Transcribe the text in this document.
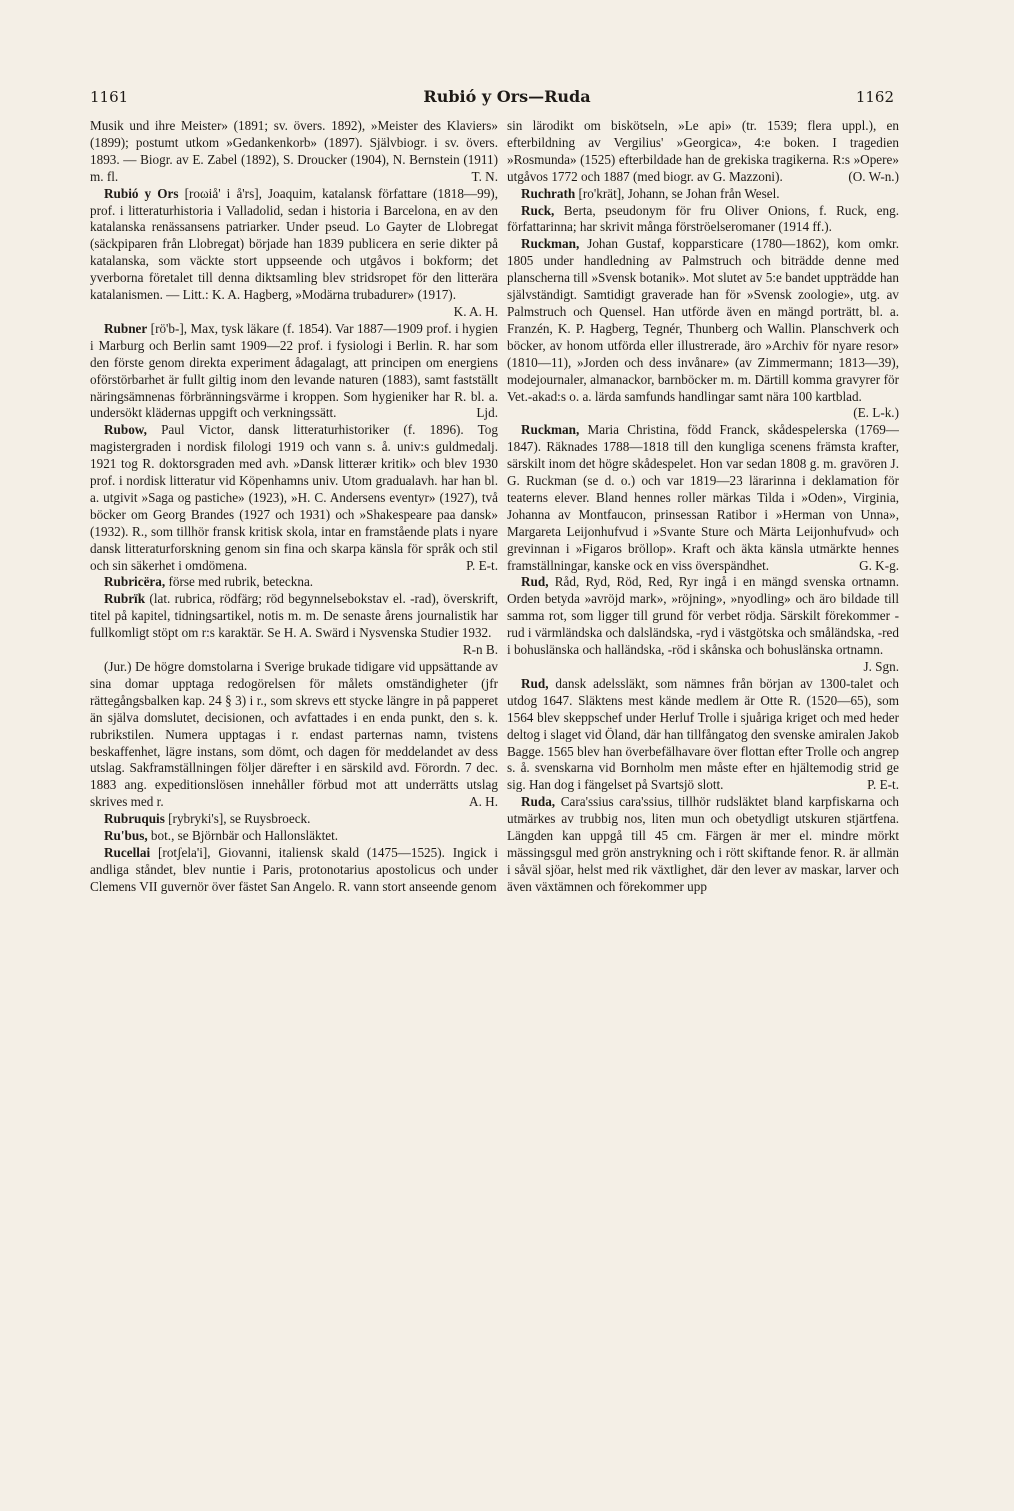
1161	Rubió y Ors—Ruda	1162

Musik und ihre Meister» (1891; sv. övers. 1892), »Meister des Klaviers» (1899); postumt utkom »Gedankenkorb» (1897). Självbiogr. i sv. övers. 1893. — Biogr. av E. Zabel (1892), S. Droucker (1904), N. Bernstein (1911) m. fl.	T. N.

Rubió y Ors [roωiå' i å'rs], Joaquim, katalansk författare (1818—99), prof. i litteraturhistoria i Valladolid, sedan i historia i Barcelona, en av den katalanska renässansens patriarker. Under pseud. Lo Gayter de Llobregat (säckpiparen från Llobregat) började han 1839 publicera en serie dikter på katalanska, som väckte stort uppseende och utgåvos i bokform; det yverborna företalet till denna diktsamling blev stridsropet för den litterära katalanismen. — Litt.: K. A. Hagberg, »Modärna trubadurer» (1917).
K. A. H.

Rubner [rö'b-], Max, tysk läkare (f. 1854). Var 1887—1909 prof. i hygien i Marburg och Berlin samt 1909—22 prof. i fysiologi i Berlin. R. har som den förste genom direkta experiment ådagalagt, att principen om energiens oförstörbarhet är fullt giltig inom den levande naturen (1883), samt fastställt näringsämnenas förbränningsvärme i kroppen. Som hygieniker har R. bl. a. undersökt klädernas uppgift och verkningssätt.	Ljd.

Rubow, Paul Victor, dansk litteraturhistoriker (f. 1896). Tog magistergraden i nordisk filologi 1919 och vann s. å. univ:s guldmedalj. 1921 tog R. doktorsgraden med avh. »Dansk litterær kritik» och blev 1930 prof. i nordisk litteratur vid Köpenhamns univ. Utom gradualavh. har han bl. a. utgivit »Saga og pastiche» (1923), »H. C. Andersens eventyr» (1927), två böcker om Georg Brandes (1927 och 1931) och »Shakespeare paa dansk» (1932). R., som tillhör fransk kritisk skola, intar en framstående plats i nyare dansk litteraturforskning genom sin fina och skarpa känsla för språk och stil och sin säkerhet i omdömena.	P. E-t.

Rubricëra, förse med rubrik, beteckna.

Rubrïk (lat. rubrica, rödfärg; röd begynnelsebokstav el. -rad), överskrift, titel på kapitel, tidningsartikel, notis m. m. De senaste årens journalistik har fullkomligt stöpt om r:s karaktär. Se H. A. Swärd i Nysvenska Studier 1932.
R-n B.

(Jur.) De högre domstolarna i Sverige brukade tidigare vid uppsättande av sina domar upptaga redogörelsen för målets omständigheter (jfr rättegångsbalken kap. 24 § 3) i r., som skrevs ett stycke längre in på papperet än själva domslutet, decisionen, och avfattades i en enda punkt, den s. k. rubrikstilen. Numera upptagas i r. endast parternas namn, tvistens beskaffenhet, lägre instans, som dömt, och dagen för meddelandet av dess utslag. Sakframställningen följer därefter i en särskild avd. Förordn. 7 dec. 1883 ang. expeditionslösen innehåller förbud mot att underrätts utslag skrives med r.	A. H.

Rubruquis [rybryki's], se Ruysbroeck.

Ru'bus, bot., se Björnbär och Hallonsläktet.

Rucellai [rotʃela'i], Giovanni, italiensk skald (1475—1525). Ingick i andliga ståndet, blev nuntie i Paris, protonotarius apostolicus och under Clemens VII guvernör över fästet San Angelo. R. vann stort anseende genom

sin lärodikt om biskötseln, »Le api» (tr. 1539; flera uppl.), en efterbildning av Vergilius' »Georgica», 4:e boken. I tragedien »Rosmunda» (1525) efterbildade han de grekiska tragikerna. R:s »Opere» utgåvos 1772 och 1887 (med biogr. av G. Mazzoni).	(O. W-n.)

Ruchrath [ro'krät], Johann, se Johan från Wesel.

Ruck, Berta, pseudonym för fru Oliver Onions, f. Ruck, eng. författarinna; har skrivit många förströelseromaner (1914 ff.).

Ruckman, Johan Gustaf, kopparsticare (1780—1862), kom omkr. 1805 under handledning av Palmstruch och biträdde denne med planscherna till »Svensk botanik». Mot slutet av 5:e bandet uppträdde han självständigt. Samtidigt graverade han för »Svensk zoologie», utg. av Palmstruch och Quensel. Han utförde även en mängd porträtt, bl. a. Franzén, K. P. Hagberg, Tegnér, Thunberg och Wallin. Planschverk och böcker, av honom utförda eller illustrerade, äro »Archiv för nyare resor» (1810—11), »Jorden och dess invånare» (av Zimmermann; 1813—39), modejournaler, almanackor, barnböcker m. m. Därtill komma gravyrer för Vet.-akad:s o. a. lärda samfunds handlingar samt nära 100 kartblad.
(E. L-k.)

Ruckman, Maria Christina, född Franck, skådespelerska (1769—1847). Räknades 1788—1818 till den kungliga scenens främsta krafter, särskilt inom det högre skådespelet. Hon var sedan 1808 g. m. gravören J. G. Ruckman (se d. o.) och var 1819—23 lärarinna i deklamation för teaterns elever. Bland hennes roller märkas Tilda i »Oden», Virginia, Johanna av Montfaucon, prinsessan Ratibor i »Herman von Unna», Margareta Leijonhufvud i »Svante Sture och Märta Leijonhufvud» och grevinnan i »Figaros bröllop». Kraft och äkta känsla utmärkte hennes framställningar, kanske ock en viss överspändhet.	G. K-g.

Rud, Råd, Ryd, Röd, Red, Ryr ingå i en mängd svenska ortnamn. Orden betyda »avröjd mark», »röjning», »nyodling» och äro bildade till samma rot, som ligger till grund för verbet rödja. Särskilt förekommer -rud i värmländska och dalsländska, -ryd i västgötska och småländska, -red i bohuslänska och halländska, -röd i skånska och bohuslänska ortnamn.
J. Sgn.

Rud, dansk adelssläkt, som nämnes från början av 1300-talet och utdog 1647. Släktens mest kände medlem är Otte R. (1520—65), som 1564 blev skeppschef under Herluf Trolle i sjuåriga kriget och med heder deltog i slaget vid Öland, där han tillfångatog den svenske amiralen Jakob Bagge. 1565 blev han överbefälhavare över flottan efter Trolle och angrep s. å. svenskarna vid Bornholm men måste efter en hjältemodig strid ge sig. Han dog i fängelset på Svartsjö slott.	P. E-t.

Ruda, Cara'ssius cara'ssius, tillhör rudsläktet bland karpfiskarna och utmärkes av trubbig nos, liten mun och obetydligt utskuren stjärtfena. Längden kan uppgå till 45 cm. Färgen är mer el. mindre mörkt mässingsgul med grön anstrykning och i rött skiftande fenor. R. är allmän i såväl sjöar, helst med rik växtlighet, där den lever av maskar, larver och även växtämnen och förekommer upp
